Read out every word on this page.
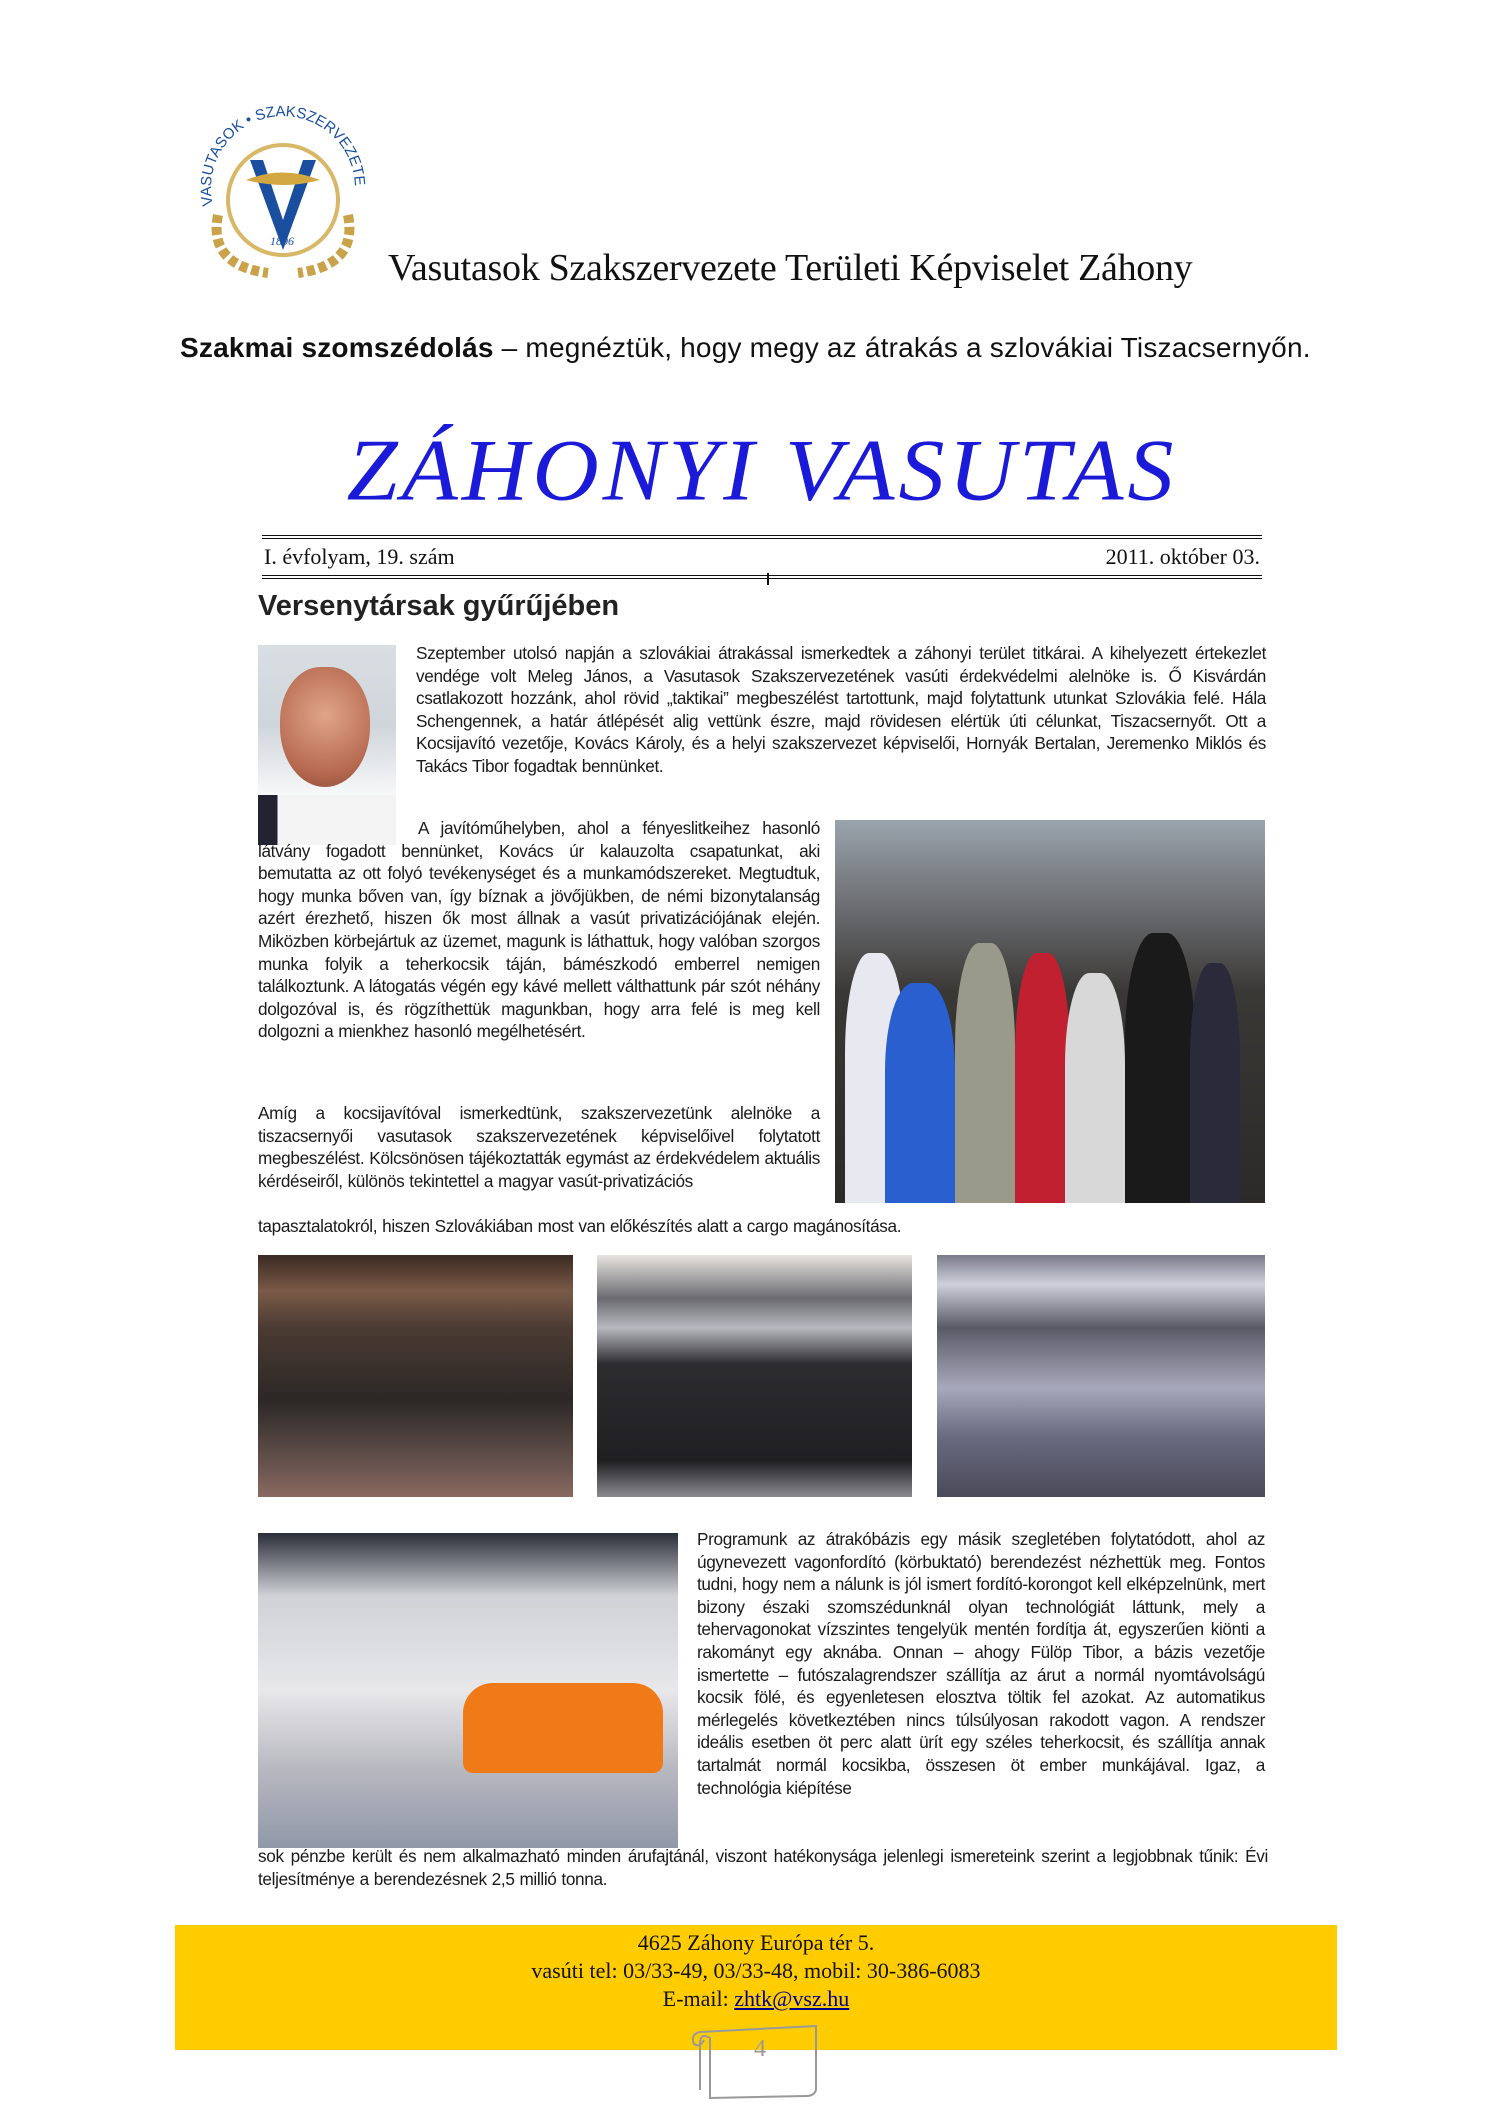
VASUTASOK • SZAKSZERVEZETE
1896
Vasutasok Szakszervezete Területi Képviselet Záhony
Szakmai szomszédolás – megnéztük, hogy megy az átrakás a szlovákiai Tiszacsernyőn.
ZÁHONYI VASUTAS
I. évfolyam, 19. szám	2011. október 03.
Versenytársak gyűrűjében
Szeptember utolsó napján a szlovákiai átrakással ismerkedtek a záhonyi terület titkárai. A kihelyezett értekezlet vendége volt Meleg János, a Vasutasok Szakszervezetének vasúti érdekvédelmi alelnöke is. Ő Kisvárdán csatlakozott hozzánk, ahol rövid „taktikai” megbeszélést tartottunk, majd folytattunk utunkat Szlovákia felé. Hála Schengennek, a határ átlépését alig vettünk észre, majd rövidesen elértük úti célunkat, Tiszacsernyőt. Ott a Kocsijavító vezetője, Kovács Károly, és a helyi szakszervezet képviselői, Hornyák Bertalan, Jeremenko Miklós és Takács Tibor fogadtak bennünket.
A javítóműhelyben, ahol a fényeslitkeihez hasonló látvány fogadott bennünket, Kovács úr kalauzolta csapatunkat, aki bemutatta az ott folyó tevékenységet és a munkamódszereket. Megtudtuk, hogy munka bőven van, így bíznak a jövőjükben, de némi bizonytalanság azért érezhető, hiszen ők most állnak a vasút privatizációjának elején. Miközben körbejártuk az üzemet, magunk is láthattuk, hogy valóban szorgos munka folyik a teherkocsik táján, bámészkodó emberrel nemigen találkoztunk. A látogatás végén egy kávé mellett válthattunk pár szót néhány dolgozóval is, és rögzíthettük magunkban, hogy arra felé is meg kell dolgozni a mienkhez hasonló megélhetésért.
Amíg a kocsijavítóval ismerkedtünk, szakszervezetünk alelnöke a tiszacsernyői vasutasok szakszervezetének képviselőivel folytatott megbeszélést. Kölcsönösen tájékoztatták egymást az érdekvédelem aktuális kérdéseiről, különös tekintettel a magyar vasút-privatizációs
tapasztalatokról, hiszen Szlovákiában most van előkészítés alatt a cargo magánosítása.
Programunk az átrakóbázis egy másik szegletében folytatódott, ahol az úgynevezett vagonfordító (körbuktató) berendezést nézhettük meg. Fontos tudni, hogy nem a nálunk is jól ismert fordító-korongot kell elképzelnünk, mert bizony északi szomszédunknál olyan technológiát láttunk, mely a tehervagonokat vízszintes tengelyük mentén fordítja át, egyszerűen kiönti a rakományt egy aknába. Onnan – ahogy Fülöp Tibor, a bázis vezetője ismertette – futószalagrendszer szállítja az árut a normál nyomtávolságú kocsik fölé, és egyenletesen elosztva töltik fel azokat. Az automatikus mérlegelés következtében nincs túlsúlyosan rakodott vagon. A rendszer ideális esetben öt perc alatt ürít egy széles teherkocsit, és szállítja annak tartalmát normál kocsikba, összesen öt ember munkájával. Igaz, a technológia kiépítése
sok pénzbe került és nem alkalmazható minden árufajtánál, viszont hatékonysága jelenlegi ismereteink szerint a legjobbnak tűnik: Évi teljesítménye a berendezésnek 2,5 millió tonna.
4625 Záhony Európa tér 5.
vasúti tel: 03/33-49, 03/33-48, mobil: 30-386-6083
E-mail: zhtk@vsz.hu
4
